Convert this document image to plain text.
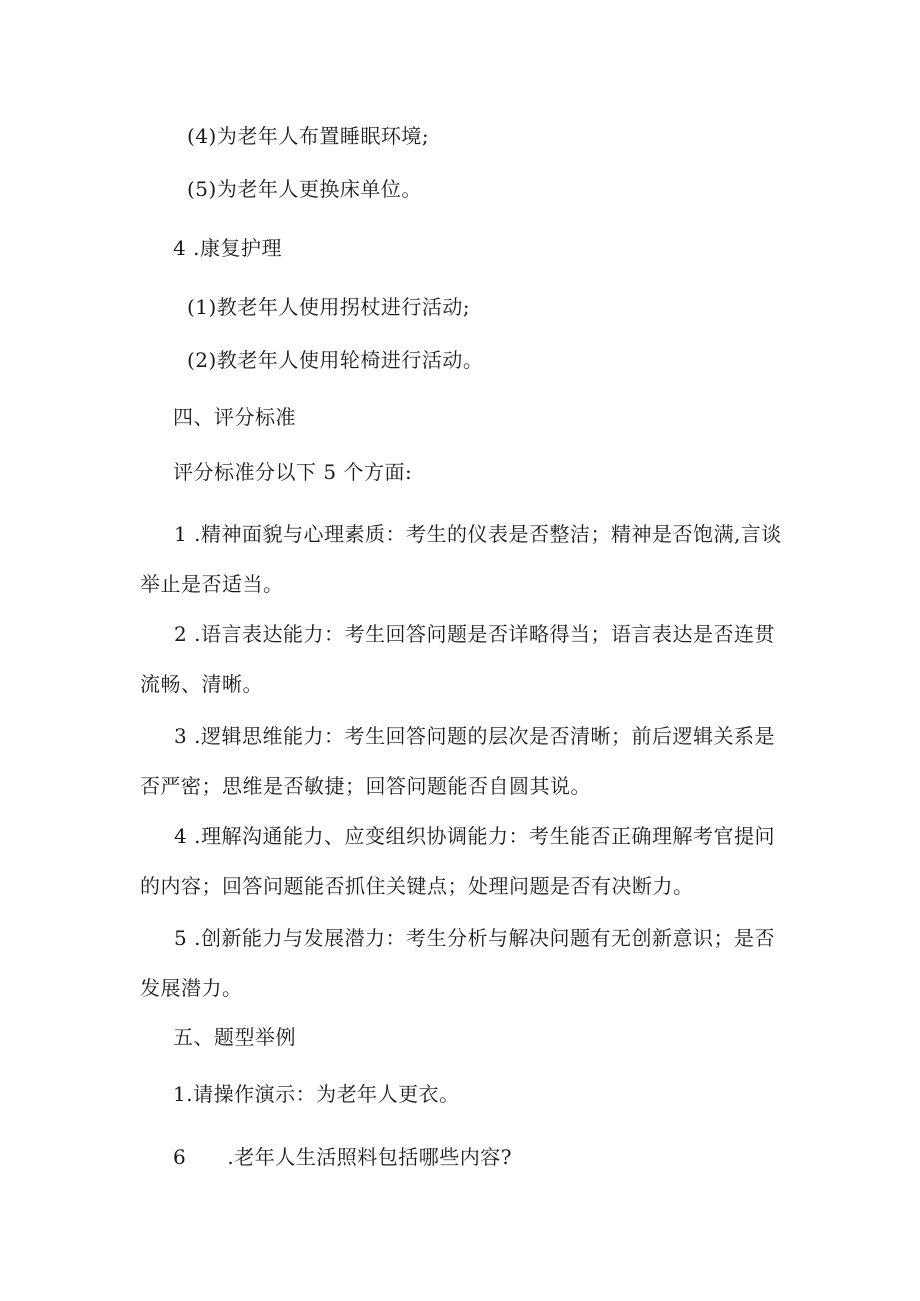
(4)为老年人布置睡眠环境;
(5)为老年人更换床单位。
4 .康复护理
(1)教老年人使用拐杖进行活动;
(2)教老年人使用轮椅进行活动。
四、评分标准
评分标准分以下 5 个方面:
1 .精神面貌与心理素质：考生的仪表是否整洁；精神是否饱满,言谈举止是否适当。
2 .语言表达能力：考生回答问题是否详略得当；语言表达是否连贯流畅、清晰。
3 .逻辑思维能力：考生回答问题的层次是否清晰；前后逻辑关系是否严密；思维是否敏捷；回答问题能否自圆其说。
4 .理解沟通能力、应变组织协调能力：考生能否正确理解考官提问的内容；回答问题能否抓住关键点；处理问题是否有决断力。
5 .创新能力与发展潜力：考生分析与解决问题有无创新意识；是否发展潜力。
五、题型举例
1.请操作演示：为老年人更衣。
6      .老年人生活照料包括哪些内容?
